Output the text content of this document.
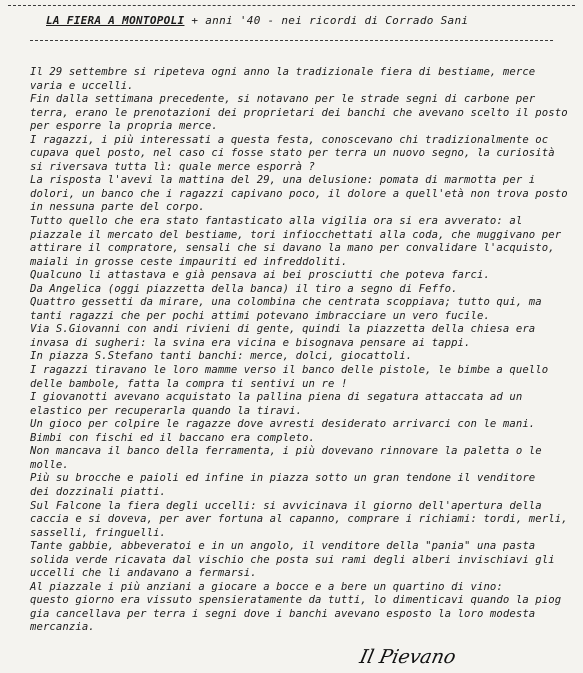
LA FIERA A MONTOPOLI + anni '40 - nei ricordi di Corrado Sani
Il 29 settembre si ripeteva ogni anno la tradizionale fiera di bestiame, merce
varia e uccelli.
Fin dalla settimana precedente, si notavano per le strade segni di carbone per
terra, erano le prenotazioni dei proprietari dei banchi che avevano scelto il posto
per esporre la propria merce.
I ragazzi, i più interessati a questa festa, conoscevano chi tradizionalmente oc
cupava quel posto, nel caso ci fosse stato per terra un nuovo segno, la curiosità
si riversava tutta lì: quale merce esporrà ?
La risposta l'avevi la mattina del 29, una delusione: pomata di marmotta per i
dolori, un banco che i ragazzi capivano poco, il dolore a quell'età non trova posto
in nessuna parte del corpo.
Tutto quello che era stato fantasticato alla vigilia ora si era avverato: al
piazzale il mercato del bestiame, tori infiocchettati alla coda, che muggivano per
attirare il compratore, sensali che si davano la mano per convalidare l'acquisto,
maiali in grosse ceste impauriti ed infreddoliti.
Qualcuno li attastava e già pensava ai bei prosciutti che poteva farci.
Da Angelica (oggi piazzetta della banca) il tiro a segno di Feffo.
Quattro gessetti da mirare, una colombina che centrata scoppiava; tutto qui, ma
tanti ragazzi che per pochi attimi potevano imbracciare un vero fucile.
Via S.Giovanni con andi rivieni di gente, quindi la piazzetta della chiesa era
invasa di sugheri: la svina era vicina e bisognava pensare ai tappi.
In piazza S.Stefano tanti banchi: merce, dolci, giocattoli.
I ragazzi tiravano le loro mamme verso il banco delle pistole, le bimbe a quello
delle bambole, fatta la compra ti sentivi un re !
I giovanotti avevano acquistato la pallina piena di segatura attaccata ad un
elastico per recuperarla quando la tiravi.
Un gioco per colpire le ragazze dove avresti desiderato arrivarci con le mani.
Bimbi con fischi ed il baccano era completo.
Non mancava il banco della ferramenta, i più dovevano rinnovare la paletta o le
molle.
Più su brocche e paioli ed infine in piazza sotto un gran tendone il venditore
dei dozzinali piatti.
Sul Falcone la fiera degli uccelli: si avvicinava il giorno dell'apertura della
caccia e si doveva, per aver fortuna al capanno, comprare i richiami: tordi, merli,
sasselli, fringuelli.
Tante gabbie, abbeveratoi e in un angolo, il venditore della "pania" una pasta
solida verde ricavata dal vischio che posta sui rami degli alberi invischiavi gli
uccelli che li andavano a fermarsi.
Al piazzale i più anziani a giocare a bocce e a bere un quartino di vino:
questo giorno era vissuto spensieratamente da tutti, lo dimenticavi quando la piog
gia cancellava per terra i segni dove i banchi avevano esposto la loro modesta
mercanzia.
Il Pievano
